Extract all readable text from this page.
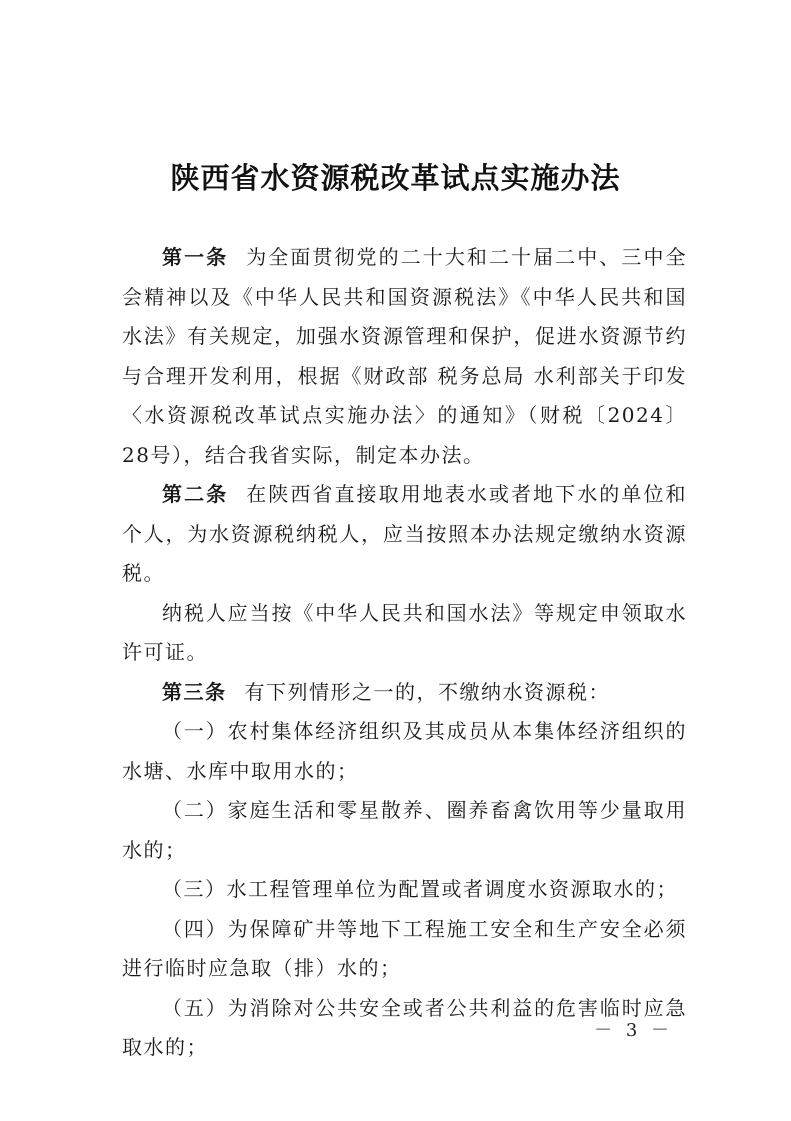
陕西省水资源税改革试点实施办法

第一条 为全面贯彻党的二十大和二十届二中、三中全会精神以及《中华人民共和国资源税法》《中华人民共和国水法》有关规定，加强水资源管理和保护，促进水资源节约与合理开发利用，根据《财政部 税务总局 水利部关于印发〈水资源税改革试点实施办法〉的通知》（财税〔2024〕28号），结合我省实际，制定本办法。

第二条 在陕西省直接取用地表水或者地下水的单位和个人，为水资源税纳税人，应当按照本办法规定缴纳水资源税。

纳税人应当按《中华人民共和国水法》等规定申领取水许可证。

第三条 有下列情形之一的，不缴纳水资源税：

（一）农村集体经济组织及其成员从本集体经济组织的水塘、水库中取用水的；

（二）家庭生活和零星散养、圈养畜禽饮用等少量取用水的；

（三）水工程管理单位为配置或者调度水资源取水的；

（四）为保障矿井等地下工程施工安全和生产安全必须进行临时应急取（排）水的；

（五）为消除对公共安全或者公共利益的危害临时应急取水的；

－ 3 －
